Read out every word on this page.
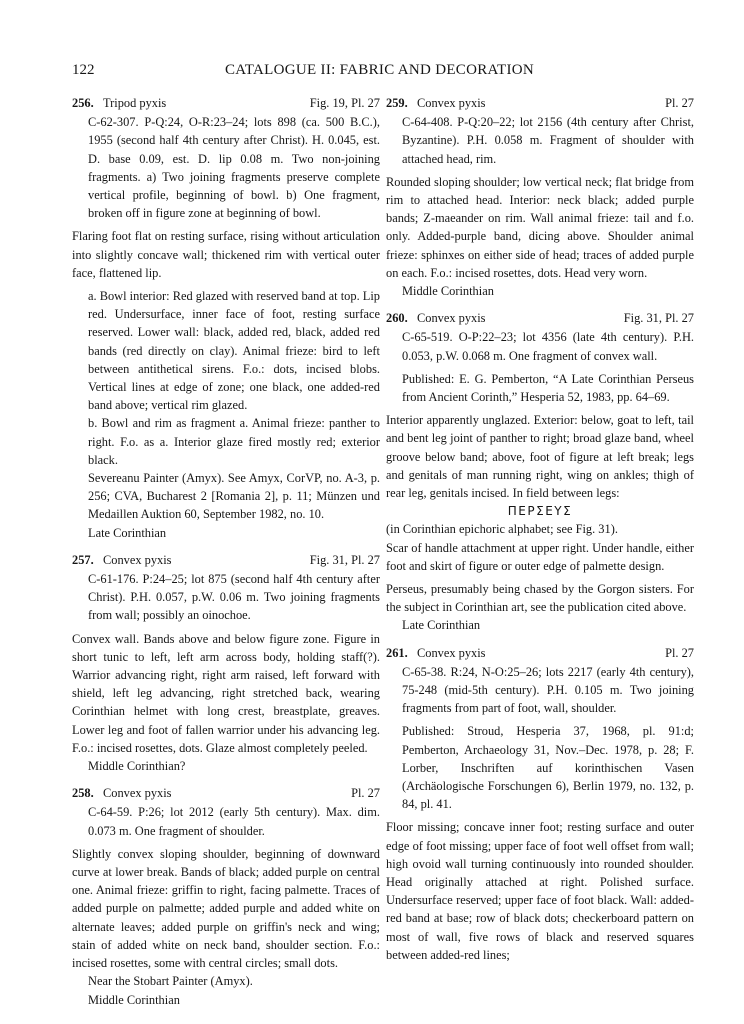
122	CATALOGUE II: FABRIC AND DECORATION
256. Tripod pyxis	Fig. 19, Pl. 27

C-62-307. P-Q:24, O-R:23–24; lots 898 (ca. 500 B.C.), 1955 (second half 4th century after Christ). H. 0.045, est. D. base 0.09, est. D. lip 0.08 m. Two non-joining fragments. a) Two joining fragments preserve complete vertical profile, beginning of bowl. b) One fragment, broken off in figure zone at beginning of bowl.

Flaring foot flat on resting surface, rising without articulation into slightly concave wall; thickened rim with vertical outer face, flattened lip.

a. Bowl interior: Red glazed with reserved band at top. Lip red. Undersurface, inner face of foot, resting surface reserved. Lower wall: black, added red, black, added red bands (red directly on clay). Animal frieze: bird to left between antithetical sirens. F.o.: dots, incised blobs. Vertical lines at edge of zone; one black, one added-red band above; vertical rim glazed.

b. Bowl and rim as fragment a. Animal frieze: panther to right. F.o. as a. Interior glaze fired mostly red; exterior black.

Severeanu Painter (Amyx). See Amyx, CorVP, no. A-3, p. 256; CVA, Bucharest 2 [Romania 2], p. 11; Münzen und Medaillen Auktion 60, September 1982, no. 10.

Late Corinthian

257. Convex pyxis	Fig. 31, Pl. 27

C-61-176. P:24–25; lot 875 (second half 4th century after Christ). P.H. 0.057, p.W. 0.06 m. Two joining fragments from wall; possibly an oinochoe.

Convex wall. Bands above and below figure zone. Figure in short tunic to left, left arm across body, holding staff(?). Warrior advancing right, right arm raised, left forward with shield, left leg advancing, right stretched back, wearing Corinthian helmet with long crest, breastplate, greaves. Lower leg and foot of fallen warrior under his advancing leg. F.o.: incised rosettes, dots. Glaze almost completely peeled.

Middle Corinthian?

258. Convex pyxis	Pl. 27

C-64-59. P:26; lot 2012 (early 5th century). Max. dim. 0.073 m. One fragment of shoulder.

Slightly convex sloping shoulder, beginning of downward curve at lower break. Bands of black; added purple on central one. Animal frieze: griffin to right, facing palmette. Traces of added purple on palmette; added purple and added white on alternate leaves; added purple on griffin's neck and wing; stain of added white on neck band, shoulder section. F.o.: incised rosettes, some with central circles; small dots.

Near the Stobart Painter (Amyx).

Middle Corinthian

259. Convex pyxis	Pl. 27

C-64-408. P-Q:20–22; lot 2156 (4th century after Christ, Byzantine). P.H. 0.058 m. Fragment of shoulder with attached head, rim.

Rounded sloping shoulder; low vertical neck; flat bridge from rim to attached head. Interior: neck black; added purple bands; Z-maeander on rim. Wall animal frieze: tail and f.o. only. Added-purple band, dicing above. Shoulder animal frieze: sphinxes on either side of head; traces of added purple on each. F.o.: incised rosettes, dots. Head very worn.

Middle Corinthian

260. Convex pyxis	Fig. 31, Pl. 27

C-65-519. O-P:22–23; lot 4356 (late 4th century). P.H. 0.053, p.W. 0.068 m. One fragment of convex wall.

Published: E. G. Pemberton, “A Late Corinthian Perseus from Ancient Corinth,” Hesperia 52, 1983, pp. 64–69.

Interior apparently unglazed. Exterior: below, goat to left, tail and bent leg joint of panther to right; broad glaze band, wheel groove below band; above, foot of figure at left break; legs and genitals of man running right, wing on ankles; thigh of rear leg, genitals incised. In field between legs:

ΠΕΡΣΕΥΣ

(in Corinthian epichoric alphabet; see Fig. 31).

Scar of handle attachment at upper right. Under handle, either foot and skirt of figure or outer edge of palmette design.

Perseus, presumably being chased by the Gorgon sisters. For the subject in Corinthian art, see the publication cited above.

Late Corinthian

261. Convex pyxis	Pl. 27

C-65-38. R:24, N-O:25–26; lots 2217 (early 4th century), 75-248 (mid-5th century). P.H. 0.105 m. Two joining fragments from part of foot, wall, shoulder.

Published: Stroud, Hesperia 37, 1968, pl. 91:d; Pemberton, Archaeology 31, Nov.–Dec. 1978, p. 28; F. Lorber, Inschriften auf korinthischen Vasen (Archäologische Forschungen 6), Berlin 1979, no. 132, p. 84, pl. 41.

Floor missing; concave inner foot; resting surface and outer edge of foot missing; upper face of foot well offset from wall; high ovoid wall turning continuously into rounded shoulder. Head originally attached at right. Polished surface. Undersurface reserved; upper face of foot black. Wall: added-red band at base; row of black dots; checkerboard pattern on most of wall, five rows of black and reserved squares between added-red lines;
